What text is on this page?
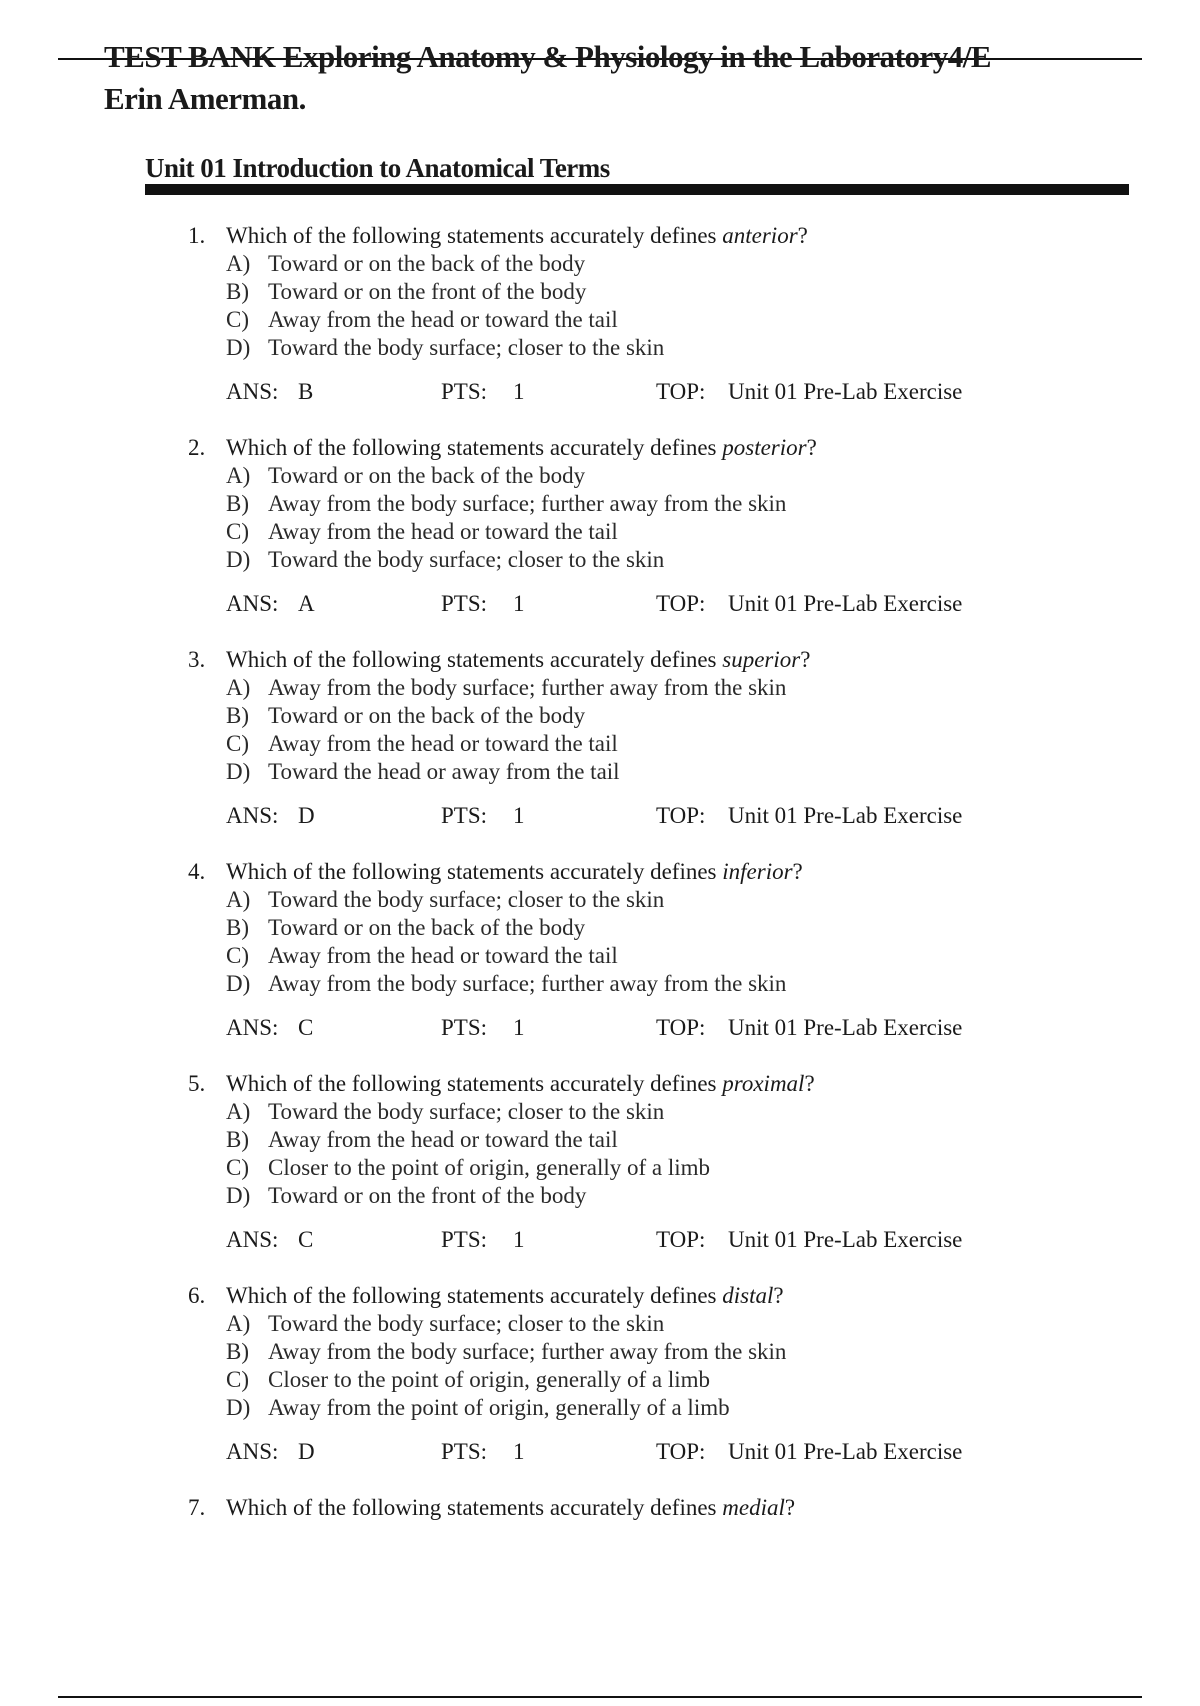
TEST BANK Exploring Anatomy & Physiology in the Laboratory4/E
Erin Amerman.
Unit 01 Introduction to Anatomical Terms
1. Which of the following statements accurately defines anterior?
A) Toward or on the back of the body
B) Toward or on the front of the body
C) Away from the head or toward the tail
D) Toward the body surface; closer to the skin
ANS: B	PTS: 1	TOP: Unit 01 Pre-Lab Exercise
2. Which of the following statements accurately defines posterior?
A) Toward or on the back of the body
B) Away from the body surface; further away from the skin
C) Away from the head or toward the tail
D) Toward the body surface; closer to the skin
ANS: A	PTS: 1	TOP: Unit 01 Pre-Lab Exercise
3. Which of the following statements accurately defines superior?
A) Away from the body surface; further away from the skin
B) Toward or on the back of the body
C) Away from the head or toward the tail
D) Toward the head or away from the tail
ANS: D	PTS: 1	TOP: Unit 01 Pre-Lab Exercise
4. Which of the following statements accurately defines inferior?
A) Toward the body surface; closer to the skin
B) Toward or on the back of the body
C) Away from the head or toward the tail
D) Away from the body surface; further away from the skin
ANS: C	PTS: 1	TOP: Unit 01 Pre-Lab Exercise
5. Which of the following statements accurately defines proximal?
A) Toward the body surface; closer to the skin
B) Away from the head or toward the tail
C) Closer to the point of origin, generally of a limb
D) Toward or on the front of the body
ANS: C	PTS: 1	TOP: Unit 01 Pre-Lab Exercise
6. Which of the following statements accurately defines distal?
A) Toward the body surface; closer to the skin
B) Away from the body surface; further away from the skin
C) Closer to the point of origin, generally of a limb
D) Away from the point of origin, generally of a limb
ANS: D	PTS: 1	TOP: Unit 01 Pre-Lab Exercise
7. Which of the following statements accurately defines medial?
